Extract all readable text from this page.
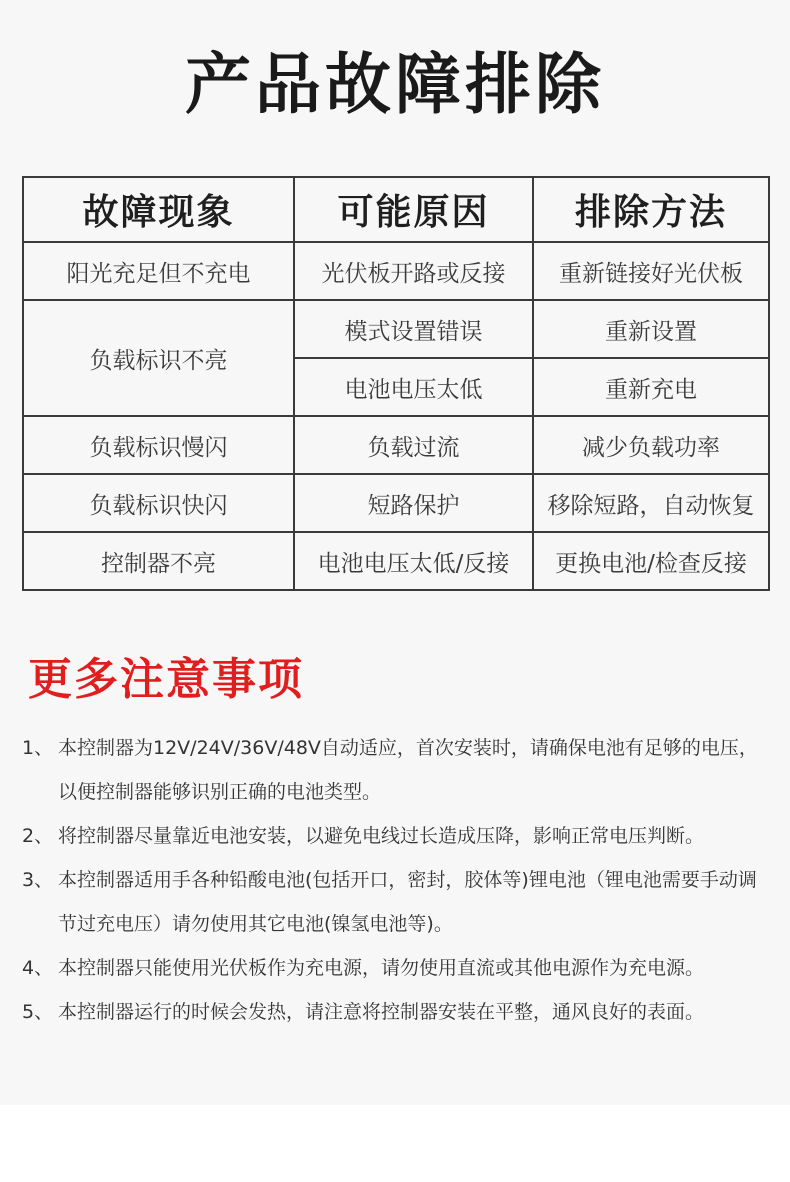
产品故障排除
故障现象	可能原因	排除方法
阳光充足但不充电	光伏板开路或反接	重新链接好光伏板
负载标识不亮	模式设置错误	重新设置
	电池电压太低	重新充电
负载标识慢闪	负载过流	减少负载功率
负载标识快闪	短路保护	移除短路，自动恢复
控制器不亮	电池电压太低/反接	更换电池/检查反接
更多注意事项
1、 本控制器为12V/24V/36V/48V自动适应，首次安装时，请确保电池有足够的电压，以便控制器能够识别正确的电池类型。
2、 将控制器尽量靠近电池安装，以避免电线过长造成压降，影响正常电压判断。
3、 本控制器适用手各种铅酸电池(包括开口，密封，胶体等)锂电池（锂电池需要手动调节过充电压）请勿使用其它电池(镍氢电池等)。
4、 本控制器只能使用光伏板作为充电源，请勿使用直流或其他电源作为充电源。
5、 本控制器运行的时候会发热，请注意将控制器安装在平整，通风良好的表面。
